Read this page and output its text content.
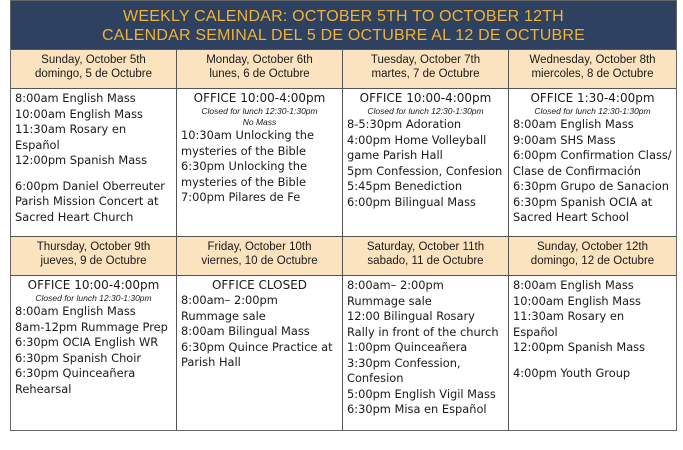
WEEKLY CALENDAR: OCTOBER 5TH TO OCTOBER 12TH
CALENDAR SEMINAL DEL 5 DE OCTUBRE AL 12 DE OCTUBRE
Sunday, October 5th
domingo, 5 de Octubre
Monday, October 6th
lunes, 6 de Octubre
Tuesday, October 7th
martes, 7 de Octubre
Wednesday, October 8th
miercoles, 8 de Octubre
8:00am English Mass
10:00am English Mass
11:30am Rosary en Español
12:00pm Spanish Mass
6:00pm Daniel Oberreuter Parish Mission Concert at Sacred Heart Church
OFFICE 10:00-4:00pm
Closed for lunch 12:30-1:30pm
No Mass
10:30am Unlocking the mysteries of the Bible
6:30pm Unlocking the mysteries of the Bible
7:00pm Pilares de Fe
OFFICE 10:00-4:00pm
Closed for lunch 12:30-1:30pm
8-5:30pm Adoration
4:00pm Home Volleyball game Parish Hall
5pm Confession, Confesion
5:45pm Benediction
6:00pm Bilingual Mass
OFFICE 1:30-4:00pm
Closed for lunch 12:30-1:30pm
8:00am English Mass
9:00am SHS Mass
6:00pm Confirmation Class/ Clase de Confirmación
6:30pm Grupo de Sanacion
6:30pm Spanish OCIA at Sacred Heart School
Thursday, October 9th
jueves, 9 de Octubre
Friday, October 10th
viernes, 10 de Octubre
Saturday, October 11th
sabado, 11 de Octubre
Sunday, October 12th
domingo, 12 de Octubre
OFFICE 10:00-4:00pm
Closed for lunch 12:30-1:30pm
8:00am English Mass
8am-12pm Rummage Prep
6:30pm OCIA English WR
6:30pm Spanish Choir
6:30pm Quinceañera Rehearsal
OFFICE CLOSED
8:00am– 2:00pm Rummage sale
8:00am Bilingual Mass
6:30pm Quince Practice at Parish Hall
8:00am– 2:00pm Rummage sale
12:00 Bilingual Rosary Rally in front of the church
1:00pm Quinceañera
3:30pm Confession, Confesion
5:00pm English Vigil Mass
6:30pm Misa en Español
8:00am English Mass
10:00am English Mass
11:30am Rosary en Español
12:00pm Spanish Mass
4:00pm Youth Group
